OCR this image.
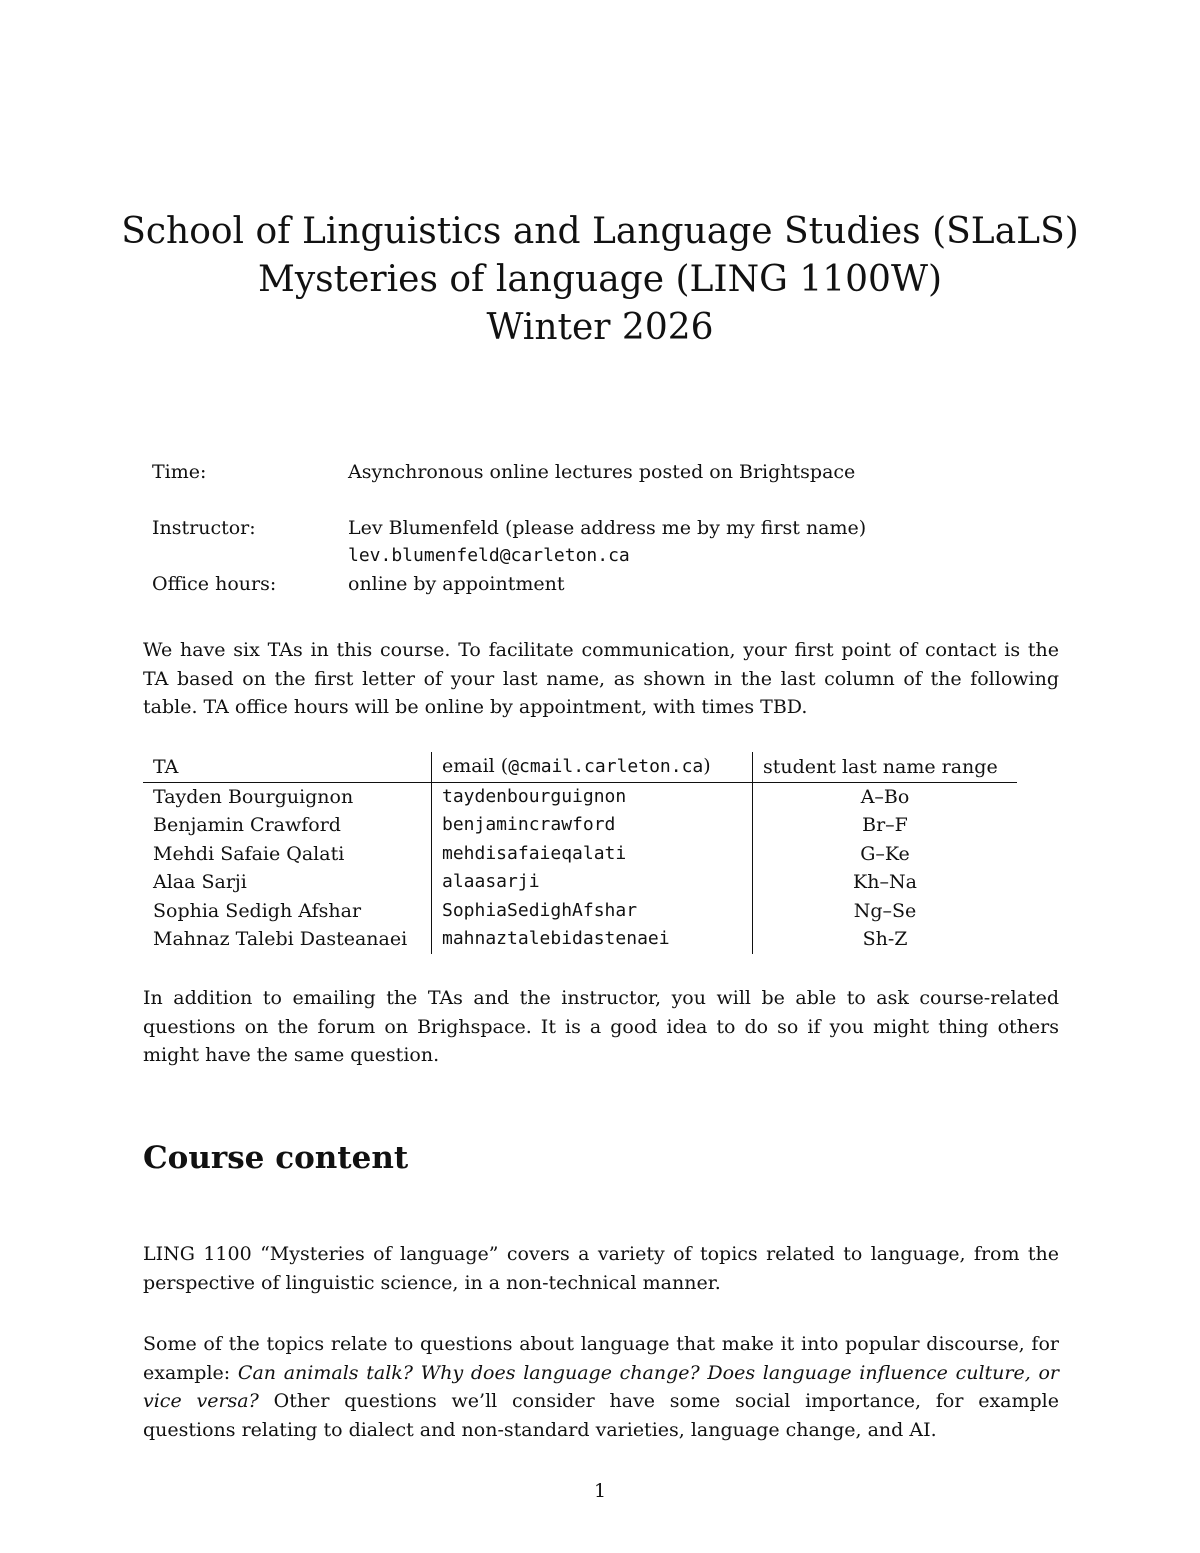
School of Linguistics and Language Studies (SLaLS)
Mysteries of language (LING 1100W)
Winter 2026
Time:	Asynchronous online lectures posted on Brightspace
Instructor:	Lev Blumenfeld (please address me by my first name)
lev.blumenfeld@carleton.ca
Office hours:	online by appointment

We have six TAs in this course. To facilitate communication, your first point of contact is the TA based on the first letter of your last name, as shown in the last column of the following table. TA office hours will be online by appointment, with times TBD.

TA	email (@cmail.carleton.ca)	student last name range
Tayden Bourguignon	taydenbourguignon	A–Bo
Benjamin Crawford	benjamincrawford	Br–F
Mehdi Safaie Qalati	mehdisafaieqalati	G–Ke
Alaa Sarji	alaasarji	Kh–Na
Sophia Sedigh Afshar	SophiaSedighAfshar	Ng–Se
Mahnaz Talebi Dasteanaei	mahnaztalebidastenaei	Sh-Z

In addition to emailing the TAs and the instructor, you will be able to ask course-related questions on the forum on Brighspace. It is a good idea to do so if you might thing others might have the same question.

Course content

LING 1100 “Mysteries of language” covers a variety of topics related to language, from the perspective of linguistic science, in a non-technical manner.

Some of the topics relate to questions about language that make it into popular discourse, for example: Can animals talk? Why does language change? Does language influence culture, or vice versa? Other questions we’ll consider have some social importance, for example questions relating to dialect and non-standard varieties, language change, and AI.

1
